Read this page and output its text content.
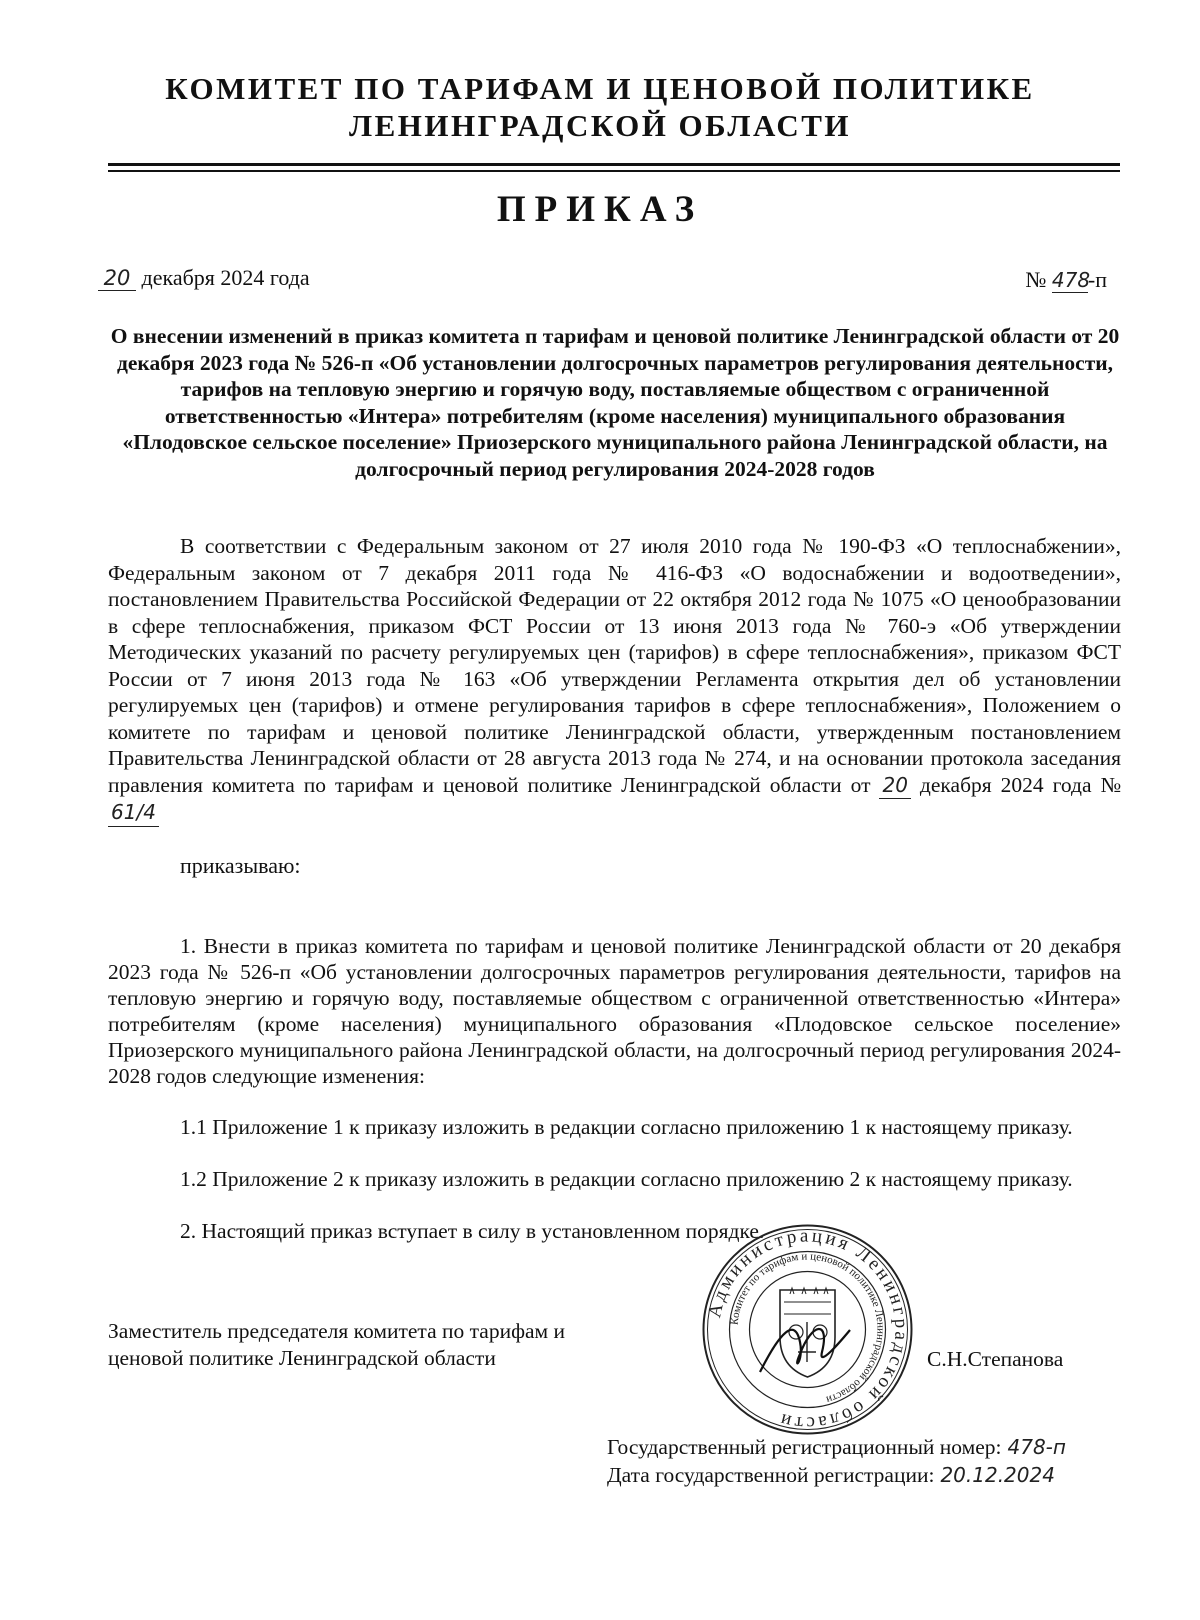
КОМИТЕТ ПО ТАРИФАМ И ЦЕНОВОЙ ПОЛИТИКЕ
ЛЕНИНГРАДСКОЙ ОБЛАСТИ
ПРИКАЗ
20 декабря 2024 года	№ 478-п
О внесении изменений в приказ комитета п тарифам и ценовой политике Ленинградской области от 20 декабря 2023 года № 526-п «Об установлении долгосрочных параметров регулирования деятельности, тарифов на тепловую энергию и горячую воду, поставляемые обществом с ограниченной ответственностью «Интера» потребителям (кроме населения) муниципального образования «Плодовское сельское поселение» Приозерского муниципального района Ленинградской области, на долгосрочный период регулирования 2024-2028 годов
В соответствии с Федеральным законом от 27 июля 2010 года № 190-ФЗ «О теплоснабжении», Федеральным законом от 7 декабря 2011 года № 416-ФЗ «О водоснабжении и водоотведении», постановлением Правительства Российской Федерации от 22 октября 2012 года № 1075 «О ценообразовании в сфере теплоснабжения, приказом ФСТ России от 13 июня 2013 года № 760-э «Об утверждении Методических указаний по расчету регулируемых цен (тарифов) в сфере теплоснабжения», приказом ФСТ России от 7 июня 2013 года № 163 «Об утверждении Регламента открытия дел об установлении регулируемых цен (тарифов) и отмене регулирования тарифов в сфере теплоснабжения», Положением о комитете по тарифам и ценовой политике Ленинградской области, утвержденным постановлением Правительства Ленинградской области от 28 августа 2013 года № 274, и на основании протокола заседания правления комитета по тарифам и ценовой политике Ленинградской области от 20 декабря 2024 года № 61/4
приказываю:
1. Внести в приказ комитета по тарифам и ценовой политике Ленинградской области от 20 декабря 2023 года № 526-п «Об установлении долгосрочных параметров регулирования деятельности, тарифов на тепловую энергию и горячую воду, поставляемые обществом с ограниченной ответственностью «Интера» потребителям (кроме населения) муниципального образования «Плодовское сельское поселение» Приозерского муниципального района Ленинградской области, на долгосрочный период регулирования 2024-2028 годов следующие изменения:
1.1 Приложение 1 к приказу изложить в редакции согласно приложению 1 к настоящему приказу.
1.2 Приложение 2 к приказу изложить в редакции согласно приложению 2 к настоящему приказу.
2. Настоящий приказ вступает в силу в установленном порядке.
Заместитель председателя комитета по тарифам и
ценовой политике Ленинградской области
Администрация Ленинградской области
Комитет по тарифам и ценовой политике Ленинградской области
С.Н.Степанова
Государственный регистрационный номер: 478-п
Дата государственной регистрации: 20.12.2024
